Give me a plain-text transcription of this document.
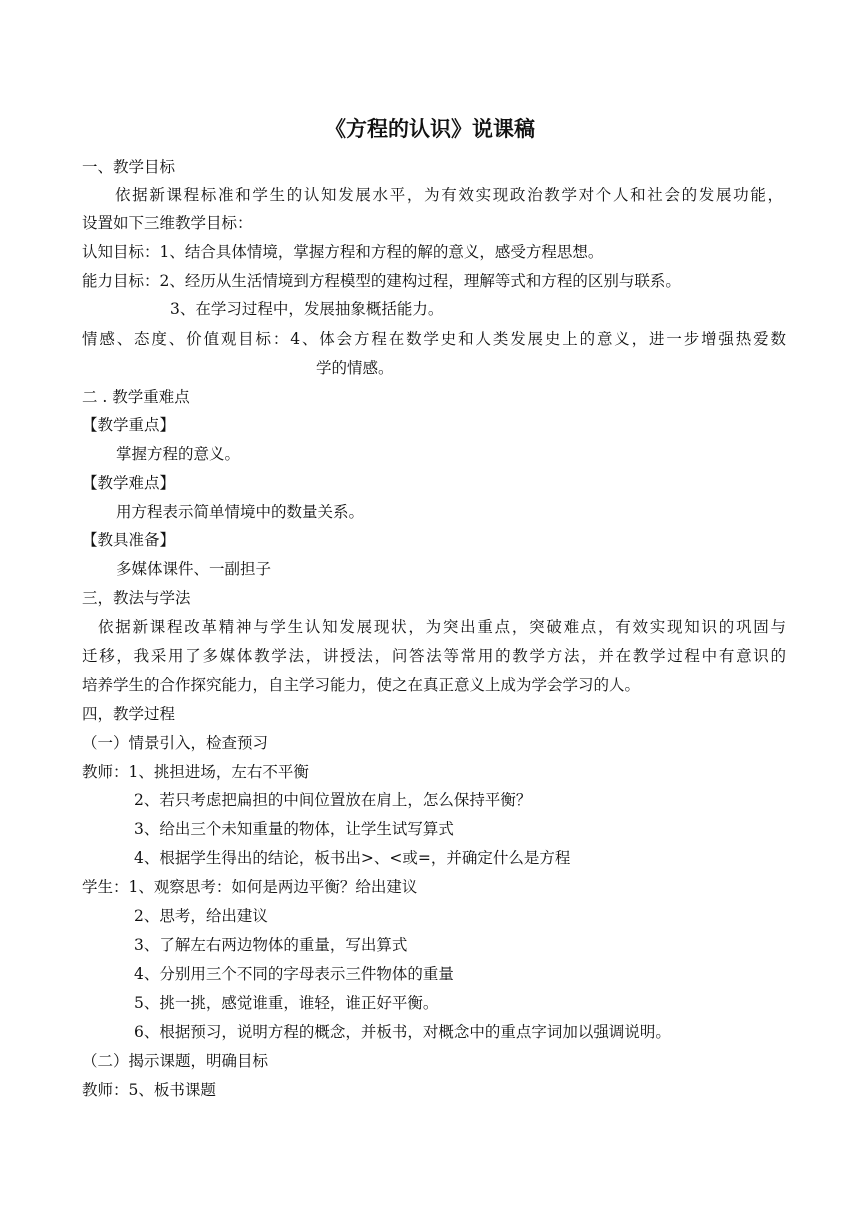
《方程的认识》说课稿
一、教学目标
依据新课程标准和学生的认知发展水平，为有效实现政治教学对个人和社会的发展功能，
设置如下三维教学目标：
认知目标：1、结合具体情境，掌握方程和方程的解的意义，感受方程思想。
能力目标：2、经历从生活情境到方程模型的建构过程，理解等式和方程的区别与联系。
3、在学习过程中，发展抽象概括能力。
情感、态度、价值观目标：4、体会方程在数学史和人类发展史上的意义，进一步增强热爱数
学的情感。
二 . 教学重难点
【教学重点】
掌握方程的意义。
【教学难点】
用方程表示简单情境中的数量关系。
【教具准备】
多媒体课件、一副担子
三，教法与学法
依据新课程改革精神与学生认知发展现状，为突出重点，突破难点，有效实现知识的巩固与
迁移，我采用了多媒体教学法，讲授法，问答法等常用的教学方法，并在教学过程中有意识的
培养学生的合作探究能力，自主学习能力，使之在真正意义上成为学会学习的人。
四，教学过程
（一）情景引入，检查预习
教师：1、挑担进场，左右不平衡
2、若只考虑把扁担的中间位置放在肩上，怎么保持平衡？
3、给出三个未知重量的物体，让学生试写算式
4、根据学生得出的结论，板书出>、<或=，并确定什么是方程
学生：1、观察思考：如何是两边平衡？给出建议
2、思考，给出建议
3、了解左右两边物体的重量，写出算式
4、分别用三个不同的字母表示三件物体的重量
5、挑一挑，感觉谁重，谁轻，谁正好平衡。
6、根据预习，说明方程的概念，并板书，对概念中的重点字词加以强调说明。
（二）揭示课题，明确目标
教师：5、板书课题
